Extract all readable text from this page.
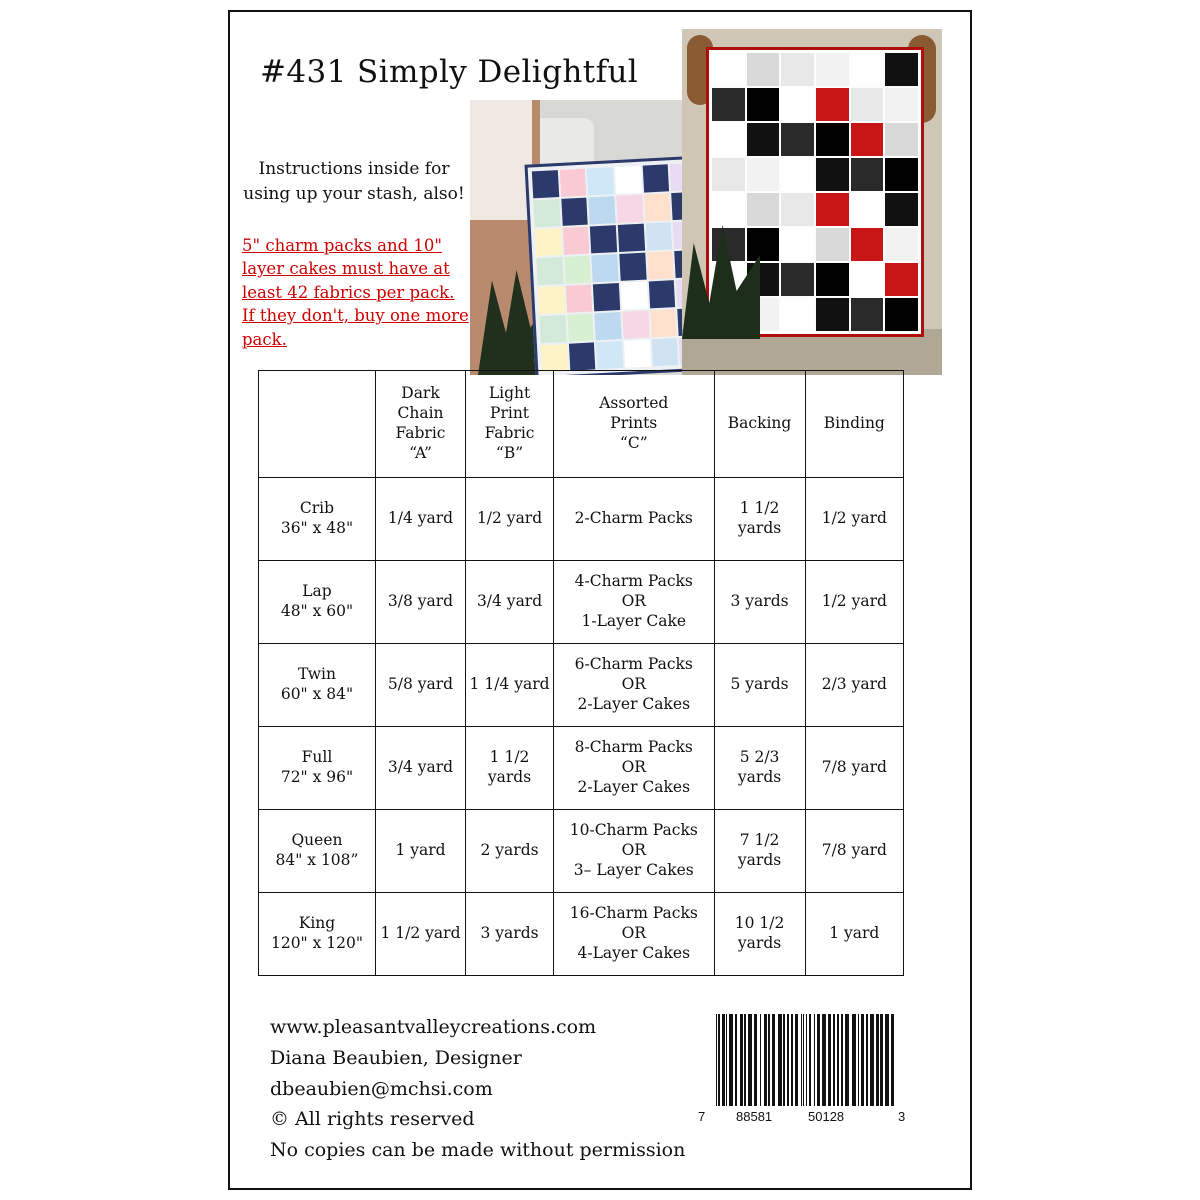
#431 Simply Delightful
Instructions inside for using up your stash, also!
5" charm packs and 10" layer cakes must have at least 42 fabrics per pack. If they don't, buy one more pack.

	Dark
Chain
Fabric
“A”	Light
Print
Fabric
“B”	Assorted
Prints
“C”	Backing	Binding

Crib
36" x 48"	1/4 yard	1/2 yard	2-Charm Packs	1 1/2 yards	1/2 yard

Lap
48" x 60"	3/8 yard	3/4 yard	4-Charm Packs
OR
1-Layer Cake	3 yards	1/2 yard

Twin
60" x 84"	5/8 yard	1 1/4 yard	6-Charm Packs
OR
2-Layer Cakes	5 yards	2/3 yard

Full
72" x 96"	3/4 yard	1 1/2 yards	8-Charm Packs
OR
2-Layer Cakes	5 2/3 yards	7/8 yard

Queen
84" x 108”	1 yard	2 yards	10-Charm Packs
OR
3– Layer Cakes	7 1/2 yards	7/8 yard

King
120" x 120"	1 1/2 yard	3 yards	16-Charm Packs
OR
4-Layer Cakes	10 1/2 yards	1 yard
www.pleasantvalleycreations.com
Diana Beaubien, Designer
dbeaubien@mchsi.com
© All rights reserved
No copies can be made without permission
7 88581	50128	3
